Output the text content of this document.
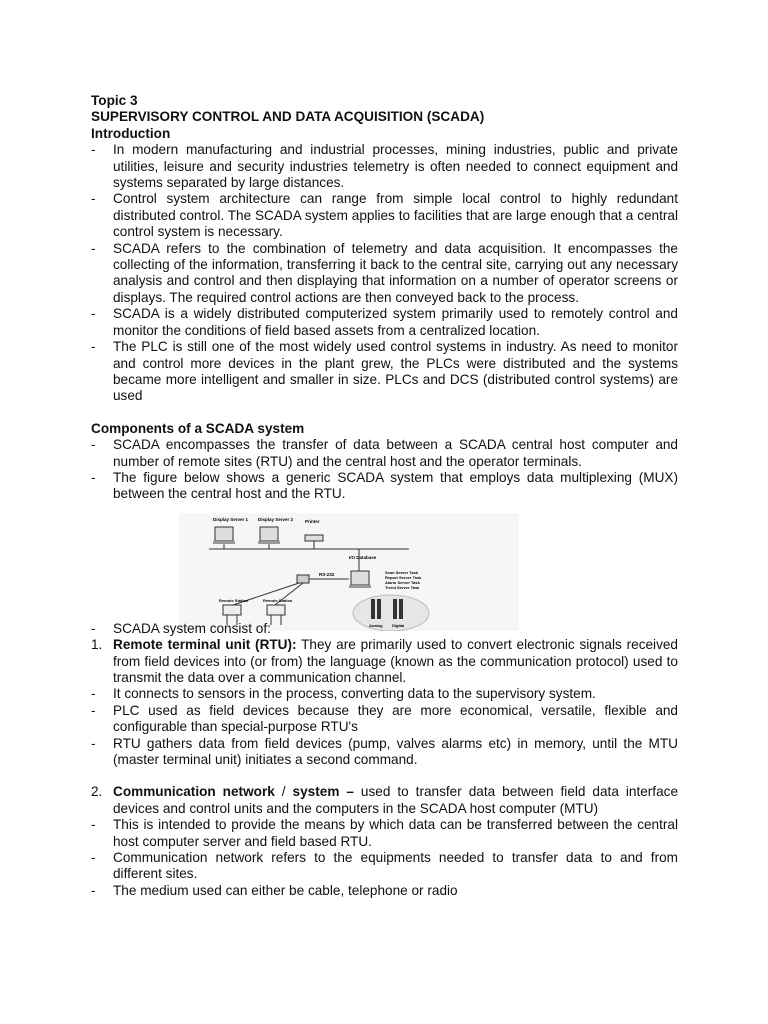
Topic 3
SUPERVISORY CONTROL AND DATA ACQUISITION (SCADA)
Introduction
- In modern manufacturing and industrial processes, mining industries, public and private utilities, leisure and security industries telemetry is often needed to connect equipment and systems separated by large distances.
- Control system architecture can range from simple local control to highly redundant distributed control. The SCADA system applies to facilities that are large enough that a central control system is necessary.
- SCADA refers to the combination of telemetry and data acquisition. It encompasses the collecting of the information, transferring it back to the central site, carrying out any necessary analysis and control and then displaying that information on a number of operator screens or displays. The required control actions are then conveyed back to the process.
- SCADA is a widely distributed computerized system primarily used to remotely control and monitor the conditions of field based assets from a centralized location.
- The PLC is still one of the most widely used control systems in industry. As need to monitor and control more devices in the plant grew, the PLCs were distributed and the systems became more intelligent and smaller in size. PLCs and DCS (distributed control systems) are used
Components of a SCADA system
- SCADA encompasses the transfer of data between a SCADA central host computer and number of remote sites (RTU) and the central host and the operator terminals.
- The figure below shows a generic SCADA system that employs data multiplexing (MUX) between the central host and the RTU.
Display Server 1 Display Server 2	Printer
I/O Database
Scan Server Task
Report Server Task
Alarm Server Task
Trend Server Task
RS-232
Remote Station	Remote Station
Analog Digital
- SCADA system consist of:
1. Remote terminal unit (RTU): They are primarily used to convert electronic signals received from field devices into (or from) the language (known as the communication protocol) used to transmit the data over a communication channel.
- It connects to sensors in the process, converting data to the supervisory system.
- PLC used as field devices because they are more economical, versatile, flexible and configurable than special-purpose RTU's
- RTU gathers data from field devices (pump, valves alarms etc) in memory, until the MTU (master terminal unit) initiates a second command.
2. Communication network / system – used to transfer data between field data interface devices and control units and the computers in the SCADA host computer (MTU)
- This is intended to provide the means by which data can be transferred between the central host computer server and field based RTU.
- Communication network refers to the equipments needed to transfer data to and from different sites.
- The medium used can either be cable, telephone or radio
